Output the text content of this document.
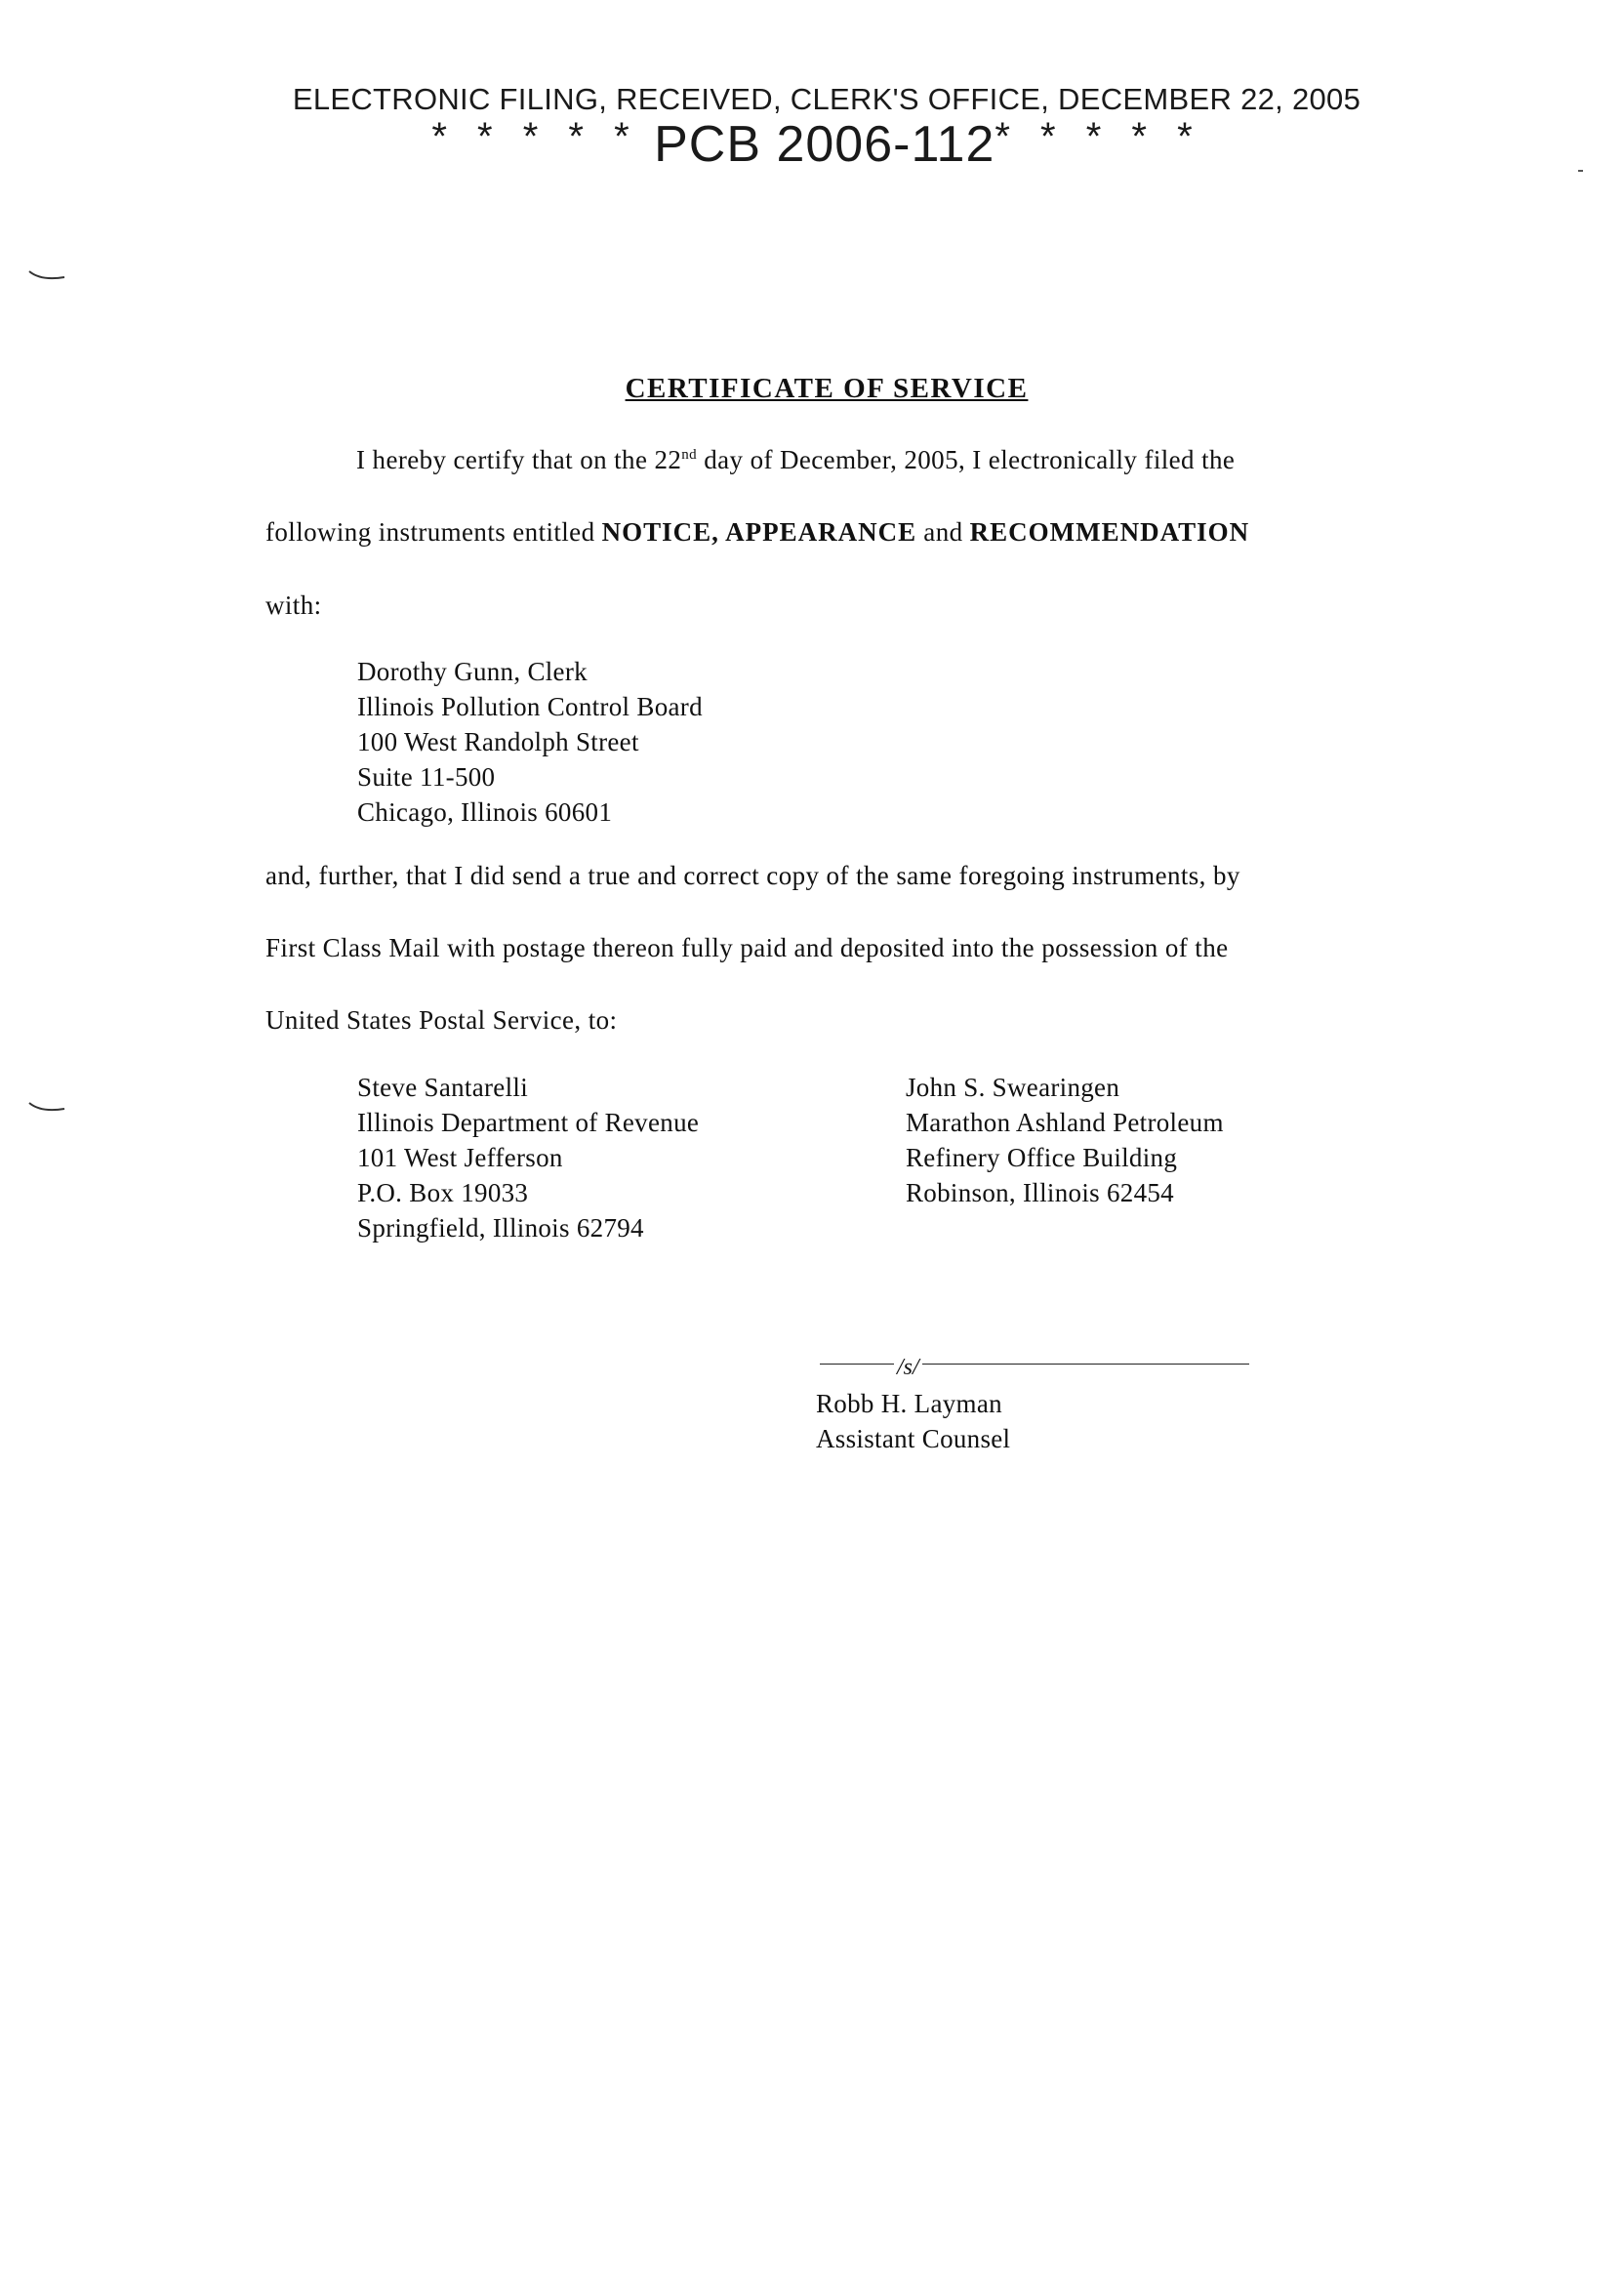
ELECTRONIC FILING, RECEIVED, CLERK'S OFFICE, DECEMBER 22, 2005
* * * * * PCB 2006-112* * * * *
CERTIFICATE OF SERVICE
I hereby certify that on the 22nd day of December, 2005, I electronically filed the
following instruments entitled NOTICE, APPEARANCE and RECOMMENDATION
with:
Dorothy Gunn, Clerk
Illinois Pollution Control Board
100 West Randolph Street
Suite 11-500
Chicago, Illinois 60601
and, further, that I did send a true and correct copy of the same foregoing instruments, by
First Class Mail with postage thereon fully paid and deposited into the possession of the
United States Postal Service, to:
Steve Santarelli
Illinois Department of Revenue
101 West Jefferson
P.O. Box 19033
Springfield, Illinois 62794
John S. Swearingen
Marathon Ashland Petroleum
Refinery Office Building
Robinson, Illinois 62454
/s/
Robb H. Layman
Assistant Counsel
